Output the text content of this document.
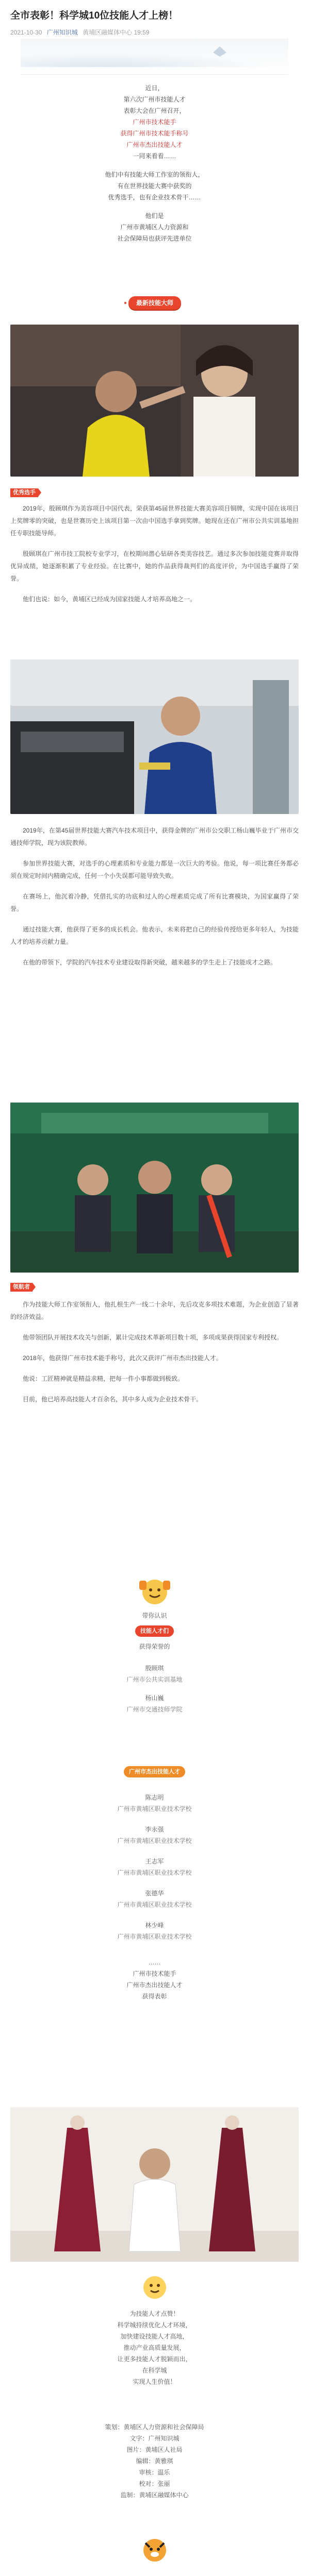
全市表彰！科学城10位技能人才上榜！
2021-10-30 广州知识城 黄埔区融媒体中心 19:59

近日，

第六次广州市技能人才

表彰大会在广州召开，

广州市技术能手

获得广州市技术能手称号

广州市杰出技能人才

一同来看看……

他们中有技能大师工作室的领衔人，

有在世界技能大赛中获奖的

优秀选手，也有企业技术骨干……

他们是

广州市黄埔区人力资源和

社会保障局也获评先进单位

最新技能大师
优秀选手

2019年，殷顾琪作为美容项目中国代表，荣获第45届世界技能大赛美容项目铜牌，实现中国在该项目上奖牌零的突破，也是世赛历史上该项目第一次由中国选手拿到奖牌。她现在还在广州市公共实训基地担任专职技能导师。

殷顾琪在广州市技工院校专业学习，在校期间潜心钻研各类美容技艺。通过多次参加技能竞赛并取得优异成绩，她逐渐积累了专业经验。在比赛中，她的作品获得裁判们的高度评价，为中国选手赢得了荣誉。

他们也说：如今，黄埔区已经成为国家技能人才培养高地之一。

2019年，在第45届世界技能大赛汽车技术项目中，获得金牌的广州市公交职工杨山巍毕业于广州市交通技师学院，现为该院教师。

参加世界技能大赛，对选手的心理素质和专业能力都是一次巨大的考验。他说，每一项比赛任务都必须在规定时间内精确完成，任何一个小失误都可能导致失败。

在赛场上，他沉着冷静，凭借扎实的功底和过人的心理素质完成了所有比赛模块，为国家赢得了荣誉。

通过技能大赛，他获得了更多的成长机会。他表示，未来将把自己的经验传授给更多年轻人，为技能人才的培养贡献力量。

在他的带领下，学院的汽车技术专业建设取得新突破，越来越多的学生走上了技能成才之路。

领航者

作为技能大师工作室领衔人，他扎根生产一线二十余年，先后攻克多项技术难题，为企业创造了显著的经济效益。

他带领团队开展技术攻关与创新，累计完成技术革新项目数十项，多项成果获得国家专利授权。

2018年，他获得广州市技术能手称号，此次又获评广州市杰出技能人才。

他说：工匠精神就是精益求精，把每一件小事都做到极致。

目前，他已培养高技能人才百余名，其中多人成为企业技术骨干。

带你认识

技能人才们

获得荣誉的

殷顾琪

广州市公共实训基地

杨山巍

广州市交通技师学院

广州市杰出技能人才

陈志明

广州市黄埔区职业技术学校

李永强

广州市黄埔区职业技术学校

王志军

广州市黄埔区职业技术学校

张德华

广州市黄埔区职业技术学校

林少峰

广州市黄埔区职业技术学校

……

广州市技术能手

广州市杰出技能人才

获得表彰

为技能人才点赞！

科学城持续优化人才环境，

加快建设技能人才高地，

推动产业高质量发展，

让更多技能人才脱颖而出，

在科学城

实现人生价值！

策划：黄埔区人力资源和社会保障局

文字：广州知识城

图片：黄埔区人社局

编辑：黄雅琪

审核：温乐

校对：张丽

监制：黄埔区融媒体中心
